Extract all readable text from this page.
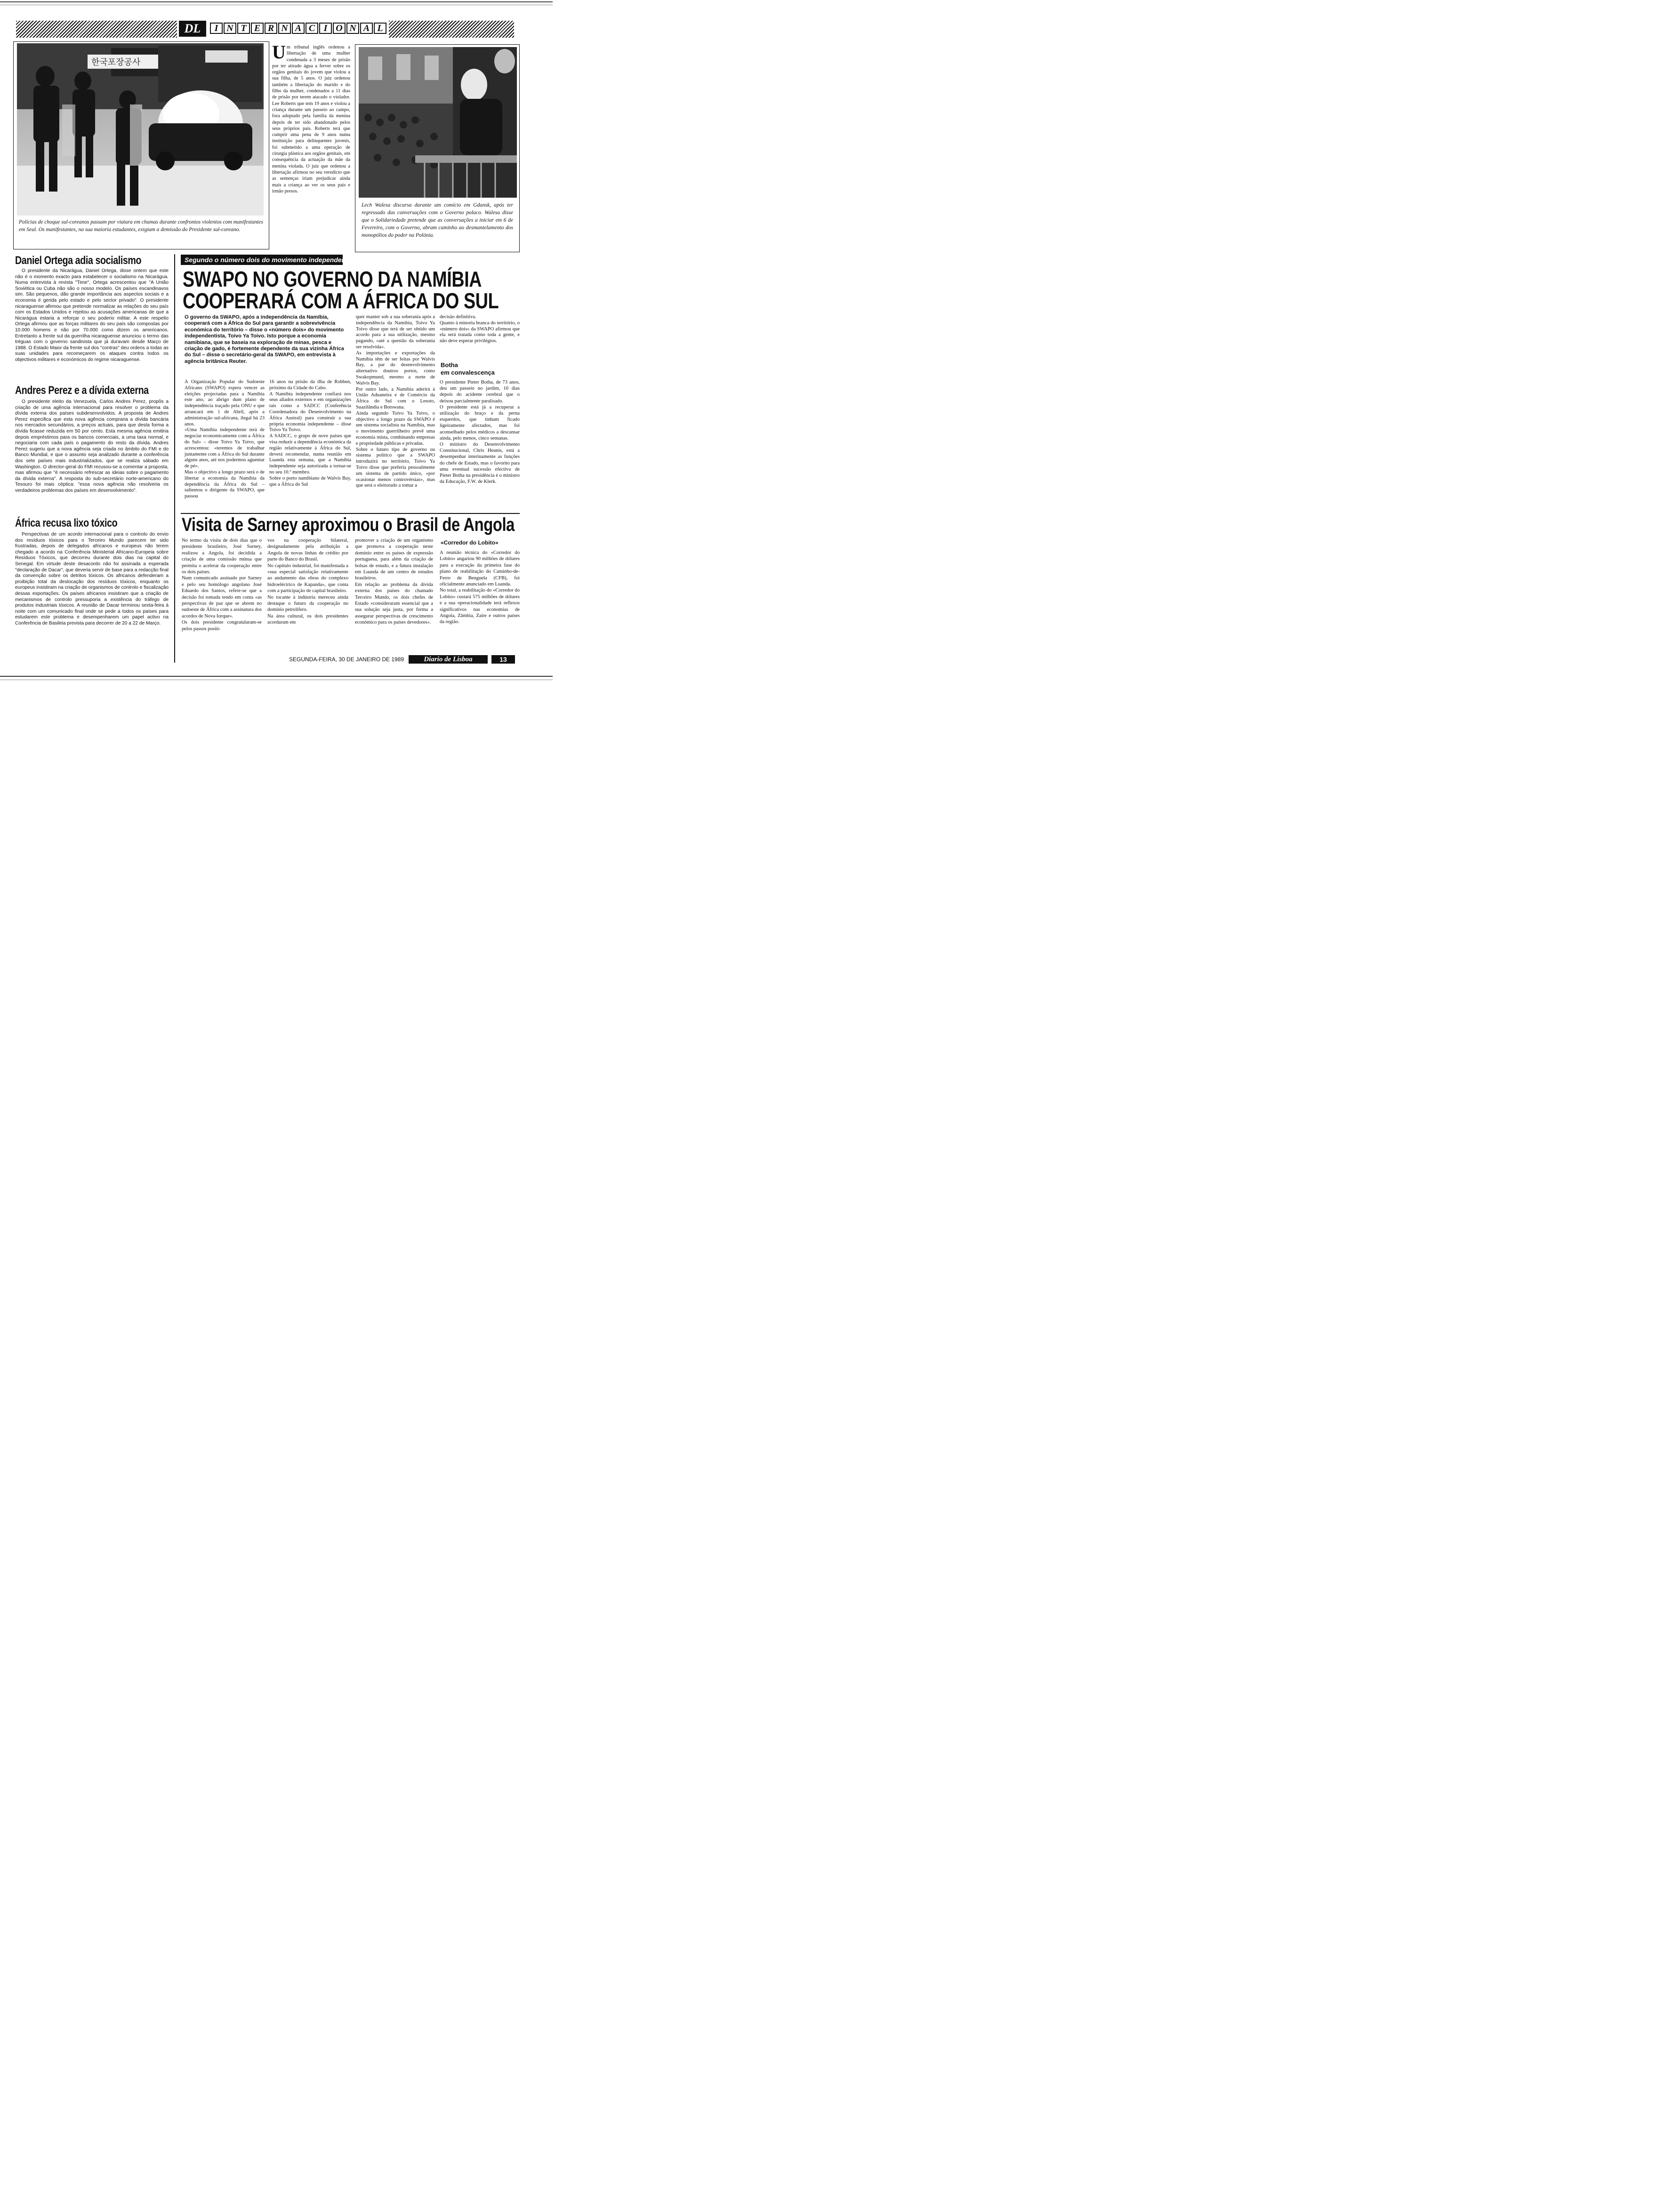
DL	I N T E R N A C I O N A L
한국포장공사
Polícias de choque sul-coreanos passam por viatura em chamas durante confrontos violentos com manifestantes em Seul. Os manifestantes, na sua maioria estudantes, exigiam a demissão do Presidente sul-coreano.
U m tribunal inglês ordenou a libertação de uma mulher condenada a 3 meses de prisão por ter atirado água a ferver sobre os orgãos genitais do jovem que violou a sua filha, de 5 anos. O juiz ordenou também a libertação do marido e do filho da mulher, condenados a 11 dias de prisão por terem atacado o violador. Lee Roberts que tem 19 anos e violou a criança durante um passeio ao campo, fora adoptado pela família da menina depois de ter sido abandonado pelos seus próprios pais. Roberts terá que cumprir uma pena de 9 anos numa instituição para delinquentes juvenis, foi submetido a uma operação de cirurgia plástica aos orgãos genitais, em consequência da actuação da mãe da menina violada. O juiz que ordenou a libertação afirmou no seu veredicto que as sentenças iriam prejudicar ainda mais a criança ao ver os seus pais e irmão presos.
Lech Walesa discursa durante um comício em Gdansk, após ter regressado das conversações com o Governo polaco. Walesa disse que o Solidariedade pretende que as conversações a iniciar em 6 de Fevereiro, com o Governo, abram caminho ao desmantelamento dos monopólios do poder na Polónia.
Daniel Ortega adia socialismo
O presidente da Nicarágua, Daniel Ortega, disse ontem que este não é o momento exacto para estabelecer o socialismo na Nicarágua. Numa entrevista à revista "Time", Ortega acrescentou que "A União Soviética ou Cuba não são o nosso modelo. Os países escandinavos sim. São pequenos, dão grande importância aos aspectos sociais e a economia é gerida pelo estado e pelo sector privado". O presidente nicaraguense afirmou que pretende normalizar as relações do seu país com os Estados Unidos e rejeitou as acusações americanas de que a Nicarágua estaria a reforçar o seu poderio militar. A este respeito Ortega afirmou que as forças militares do seu país são compostas por 10.000 homens e não por 70.000 como dizem os americanos. Entretanto a frente sul da guerrilha nicaraguense anunciou o termo das tréguas com o governo sandinista que já duravam desde Março de 1988. O Estado Maior da frente sul dos "contras" deu ordens a todas as suas unidades para recomeçarem os ataques contra todos os objectivos militares e económicos do regime nicaraguense.
Andres Perez e a dívida externa
O presidente eleito da Venezuela, Carlos Andres Perez, propôs a criação de uma agência internacional para resolver o problema da dívida externa dos países subdesenvolvidos. A proposta de Andres Perez especifica que esta nova agência compraria a dívida bancária nos mercados secundários, a preços actuais, para que desta forma a dívida ficasse reduzida em 50 por cento. Esta mesma agência emitiria depois empréstimos para os bancos comerciais, a uma taxa normal, e negociaria com cada país o pagamento do resto da dívida. Andres Perez sugeriu que a nova agência seja criada no âmbito do FMI e do Banco Mundial, e que o assunto seja analizado durante a conferência dos sete países mais industrializados, que se realiza sábado em Washington. O director-geral do FMI recusou-se a comentar a proposta, mas afirmou que "é necessário refrescar as ideias sobre o pagamento da dívida externa". A resposta do sub-secretário norte-americano do Tesouro foi mais céptica: "essa nova agência não resolveria os verdadeiros problemas dos países em desenvolvimento".
África recusa lixo tóxico
Perspectivas de um acordo internacional para o controlo do envio dos resíduos tóxicos para o Terceiro Mundo parecem ter sido frustradas, depois de delegados africanos e europeus não terem chegado a acordo na Conferência Ministerial Africano-Europeia sobre Resíduos Tóxicos, que decorreu durante dois dias na capital do Senegal. Em virtude deste desacordo não foi assinada a esperada "declaração de Dacar", que deveria servir de base para a redacção final da convenção sobre os detritos tóxicos. Os africanos defenderam a proibição total da deslocação dos resíduos tóxicos, enquanto os europeus insistiram na criação de organismos de controlo e fiscalização dessas exportações. Os países africanos insistiram que a criação de mecanismos de controlo pressuporia a existência do tráfego de produtos industriais tóxicos. A reunião de Dacar terminou sexta-feira à noite com um comunicado final onde se pede a todos os países para estudarem este problema e desempenharem um papel activo na Conferência de Basileia prevista para decorrer de 20 a 22 de Março.
Segundo o número dois do movimento independentista
SWAPO NO GOVERNO DA NAMÍBIA
COOPERARÁ COM A ÁFRICA DO SUL
O governo da SWAPO, após a independência da Namíbia, cooperará com a África do Sul para garantir a sobrevivência económica do território – disse o «número dois» do movimento independentista, Toivo Ya Toivo. Isto porque a economia namibiana, que se baseia na exploração de minas, pesca e criação de gado, é fortemente dependente da sua vizinha África do Sul – disse o secretário-geral da SWAPO, em entrevista à agência britânica Reuter.
A Organização Popular do Sudoeste Africano (SWAPO) espera vencer as eleições projectadas para a Namíbia este ano, ao abrigo dum plano de independência traçado pela ONU e que arrancará em 1 de Abril, após a administração sul-africana, ilegal há 23 anos.
«Uma Namíbia independente terá de negociar economicamente com a África do Sul» – disse Toivo Ya Toivo, que acrescentou: «teremos de trabalhar juntamente com a África do Sul durante alguns anos, até nos podermos aguentar de pé».
Mas o objectivo a longo prazo será o de libertar a economia da Namíbia da dependência da África do Sul – salientou o dirigente da SWAPO, que passou
16 anos na prisão da ilha de Robben, próximo da Cidade do Cabo.
A Namíbia independente confiará nos seus aliados externos e em organizações tais como a SADCC (Conferência Coordenadora do Desenvolvimento na África Austral) para construir a sua própria economia independente – disse Toivo Ya Toivo.
A SADCC, o grupo de nove países que visa reduzir a dependência económica da região relativamente à África do Sul, deverá recomendar, numa reunião em Luanda esta semana, que a Namíbia independente seja autorizada a tornar-se no seu 10.º membro.
Sobre o porto namibiano de Walvis Bay, que a África do Sul
quer manter sob a sua soberania após a independência da Namíbia, Toivo Ya Toivo disse que terá de ser obtido um acordo para a sua utilização, mesmo pagando, «até a questão da soberania ser resolvida».
As importações e exportações da Namíbia têm de ser feitas por Walvis Bay, a par do desenvolvimento alternativo doutros portos, como Swakopmund, mesmo a norte de Walvis Bay.
Por outro lado, a Namíbia aderirá à União Aduaneira e de Comércio da África do Sul com o Lesoto, Suazilândia e Botswana.
Ainda segundo Toivo Ya Toivo, o objectivo a longo prazo da SWAPO é um sistema socialista na Namíbia, mas o movimento guerrilheiro prevê uma economia mista, combinando empresas e propriedade públicas e privadas.
Sobre o futuro tipo de governo ou sistema político que a SWAPO introduzirá no território, Toivo Ya Toivo disse que preferia pessoalmente um sistema de partido único, «por ocasionar menos controvérsias», mas que será o eleitorado a tomar a
decisão definitiva.
Quanto à minoria branca do território, o «número dois» da SWAPO afirmou que ela será tratada como toda a gente, e não deve esperar privilégios.
Botha
em convalescença
O presidente Pieter Botha, de 73 anos, deu um passeio no jardim, 10 dias depois do acidente cerebral que o deixou parcialmente paralisado.
O presidente está já a recuperar a utilização do braço e da perna esquerdos, que tinham ficado ligeiramente afectados, mas foi aconselhado pelos médicos a descansar ainda, pelo menos, cinco semanas.
O ministro do Desenvolvimento Constitucional, Chris Heunis, está a desempenhar interinamente as funções do chefe de Estado, mas o favorito para uma eventual sucessão efectiva de Pieter Botha na presidência é o ministro da Educação, F.W. de Klerk.
Visita de Sarney aproximou o Brasil de Angola
No termo da visita de dois dias que o presidente brasileiro, José Sarney, realizou a Angola, foi decidida a criação de uma comissão mútua que permita o acelerar da cooperação entre os dois países.
Num comunicado assinado por Sarney e pelo seu homólogo angolano José Eduardo dos Santos, refere-se que a decisão foi tomada tendo em conta «as perspectivas de paz que se abrem no sudoeste de África com a assinatura dos acordos de Nova Iorque».
Os dois presidente congratularam-se pelos passos positi-
vos na cooperação bilateral, designadamente pela atribuição a Angola de novas linhas de crédito por parte do Banco do Brasil.
No capítulo industrial, foi manifestada a «sua especial satisfação relativamente ao andamento das obras do complexo hidroeléctrico de Kapanda», que conta com a participação de capital brasileiro.
No tocante à indústria mereceu ainda destaque o futuro da cooperação no domínio petrolífero.
Na área cultural, os dois presidentes acordaram em
promover a criação de um organismo que promova a cooperação neste domínio entre os países de expressão portuguesa, para além da criação de bolsas de estudo, e a futura instalação em Luanda de um centro de estudos brasileiros.
Em relação ao problema da dívida externa dos países do chamado Terceiro Mundo, os dois chefes de Estado «consideraram essencial que a sua solução seja justa, por forma a assegurar perspectivas de crescimento económico para os países devedores».
«Corredor do Lobito»
A reunião técnica do «Corredor do Lobito» angariou 90 milhões de dólares para a execução da primeira fase do plano de reabilitação do Caminho-de-Ferro de Benguela (CFB), foi oficialmente anunciado em Luanda.
No total, a reabilitação do «Corredor do Lobito» custará 575 milhões de dólares e a sua operacionalidade terá reflexos significativos nas economias de Angola, Zâmbia, Zaire e outros países da região.
SEGUNDA-FEIRA, 30 DE JANEIRO DE 1989	Diario de Lisboa	13
